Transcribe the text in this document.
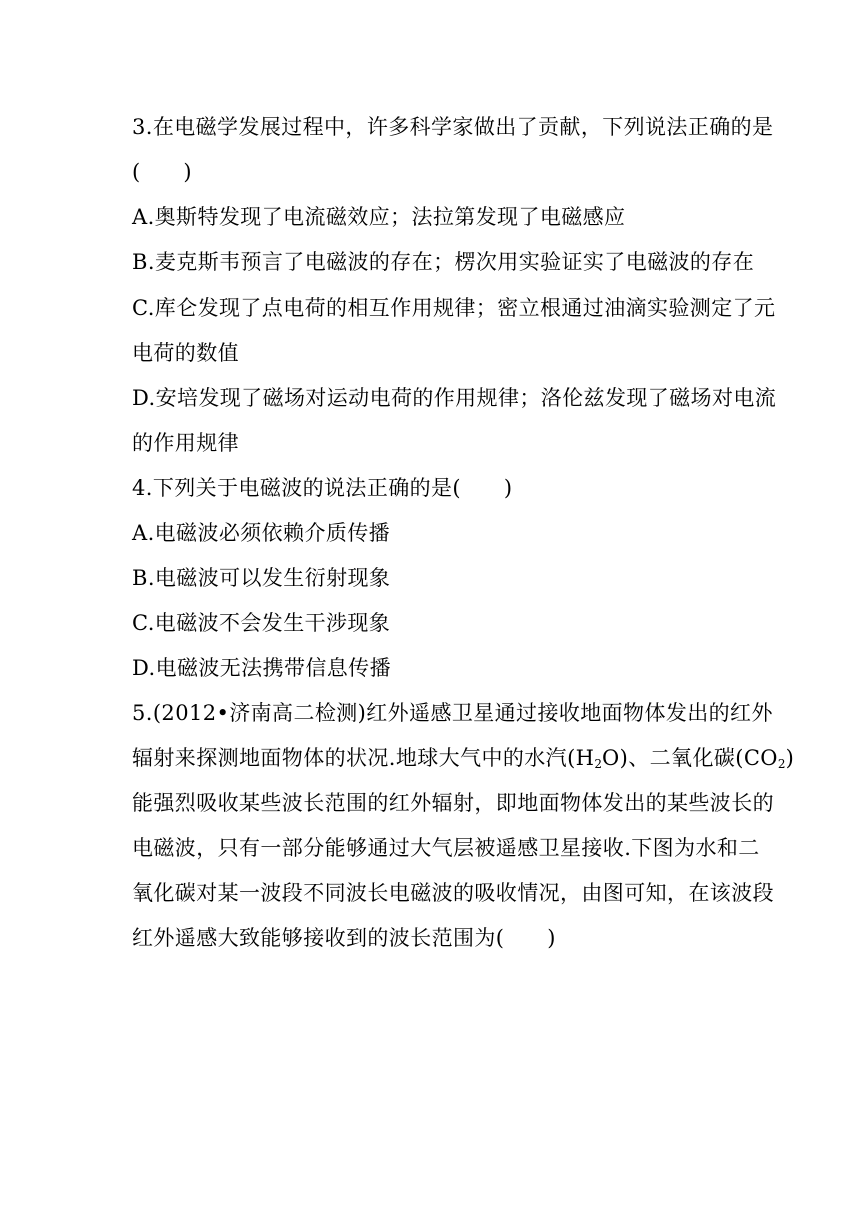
3.在电磁学发展过程中，许多科学家做出了贡献，下列说法正确的是
(　　)
A.奥斯特发现了电流磁效应；法拉第发现了电磁感应
B.麦克斯韦预言了电磁波的存在；楞次用实验证实了电磁波的存在
C.库仑发现了点电荷的相互作用规律；密立根通过油滴实验测定了元
电荷的数值
D.安培发现了磁场对运动电荷的作用规律；洛伦兹发现了磁场对电流
的作用规律
4.下列关于电磁波的说法正确的是(　　)
A.电磁波必须依赖介质传播
B.电磁波可以发生衍射现象
C.电磁波不会发生干涉现象
D.电磁波无法携带信息传播
5.(2012•济南高二检测)红外遥感卫星通过接收地面物体发出的红外
辐射来探测地面物体的状况.地球大气中的水汽$(H_2O)$、二氧化碳$(CO_2)$
能强烈吸收某些波长范围的红外辐射，即地面物体发出的某些波长的
电磁波，只有一部分能够通过大气层被遥感卫星接收.下图为水和二
氧化碳对某一波段不同波长电磁波的吸收情况，由图可知，在该波段
红外遥感大致能够接收到的波长范围为(　　)
